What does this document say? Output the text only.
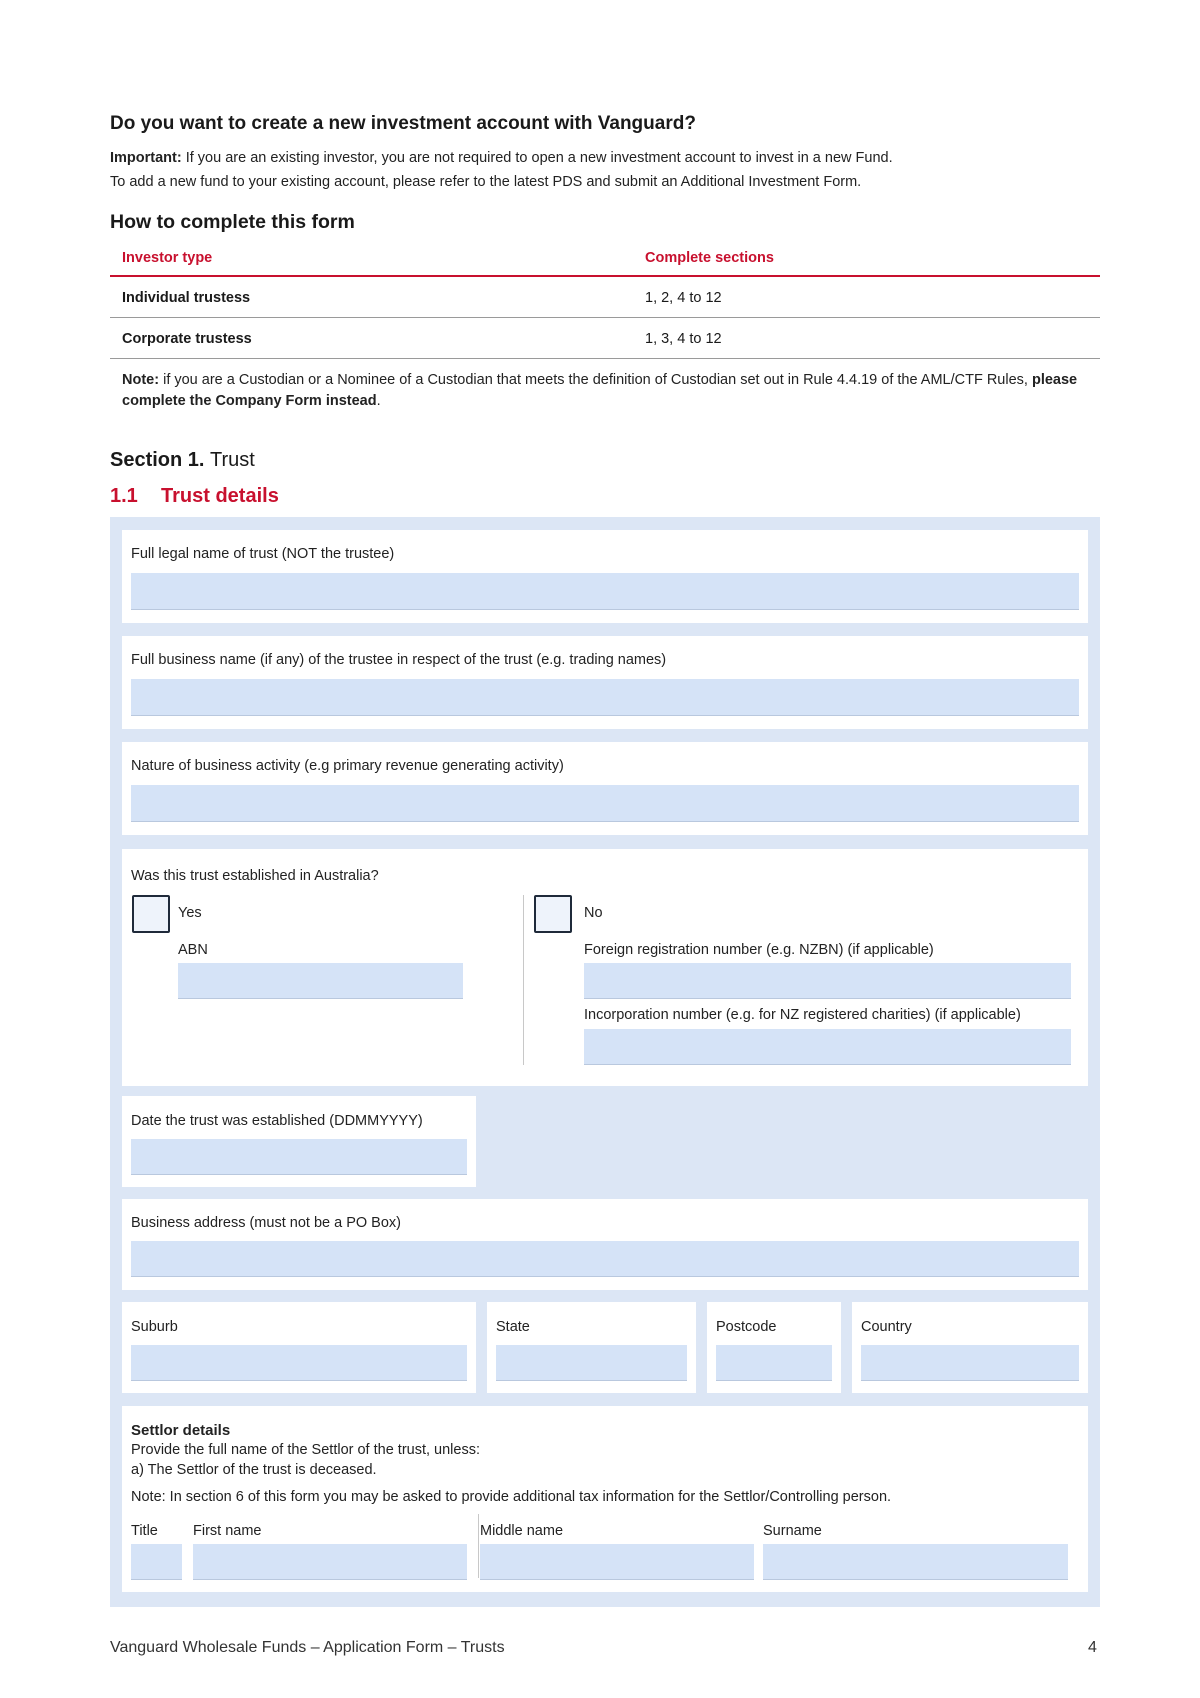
Do you want to create a new investment account with Vanguard?
Important: If you are an existing investor, you are not required to open a new investment account to invest in a new Fund.
To add a new fund to your existing account, please refer to the latest PDS and submit an Additional Investment Form.
How to complete this form
Investor type	Complete sections
Individual trustess	1, 2, 4 to 12
Corporate trustess	1, 3, 4 to 12
Note: if you are a Custodian or a Nominee of a Custodian that meets the definition of Custodian set out in Rule 4.4.19 of the AML/CTF Rules, please complete the Company Form instead.
Section 1. Trust
1.1 Trust details
Full legal name of trust (NOT the trustee)
Full business name (if any) of the trustee in respect of the trust (e.g. trading names)
Nature of business activity (e.g primary revenue generating activity)
Was this trust established in Australia?
Yes
ABN
No
Foreign registration number (e.g. NZBN) (if applicable)
Incorporation number (e.g. for NZ registered charities) (if applicable)
Date the trust was established (DDMMYYYY)
Business address (must not be a PO Box)
Suburb	State	Postcode	Country
Settlor details
Provide the full name of the Settlor of the trust, unless:
a) The Settlor of the trust is deceased.
Note: In section 6 of this form you may be asked to provide additional tax information for the Settlor/Controlling person.
Title First name	Middle name	Surname
Vanguard Wholesale Funds – Application Form – Trusts	4
